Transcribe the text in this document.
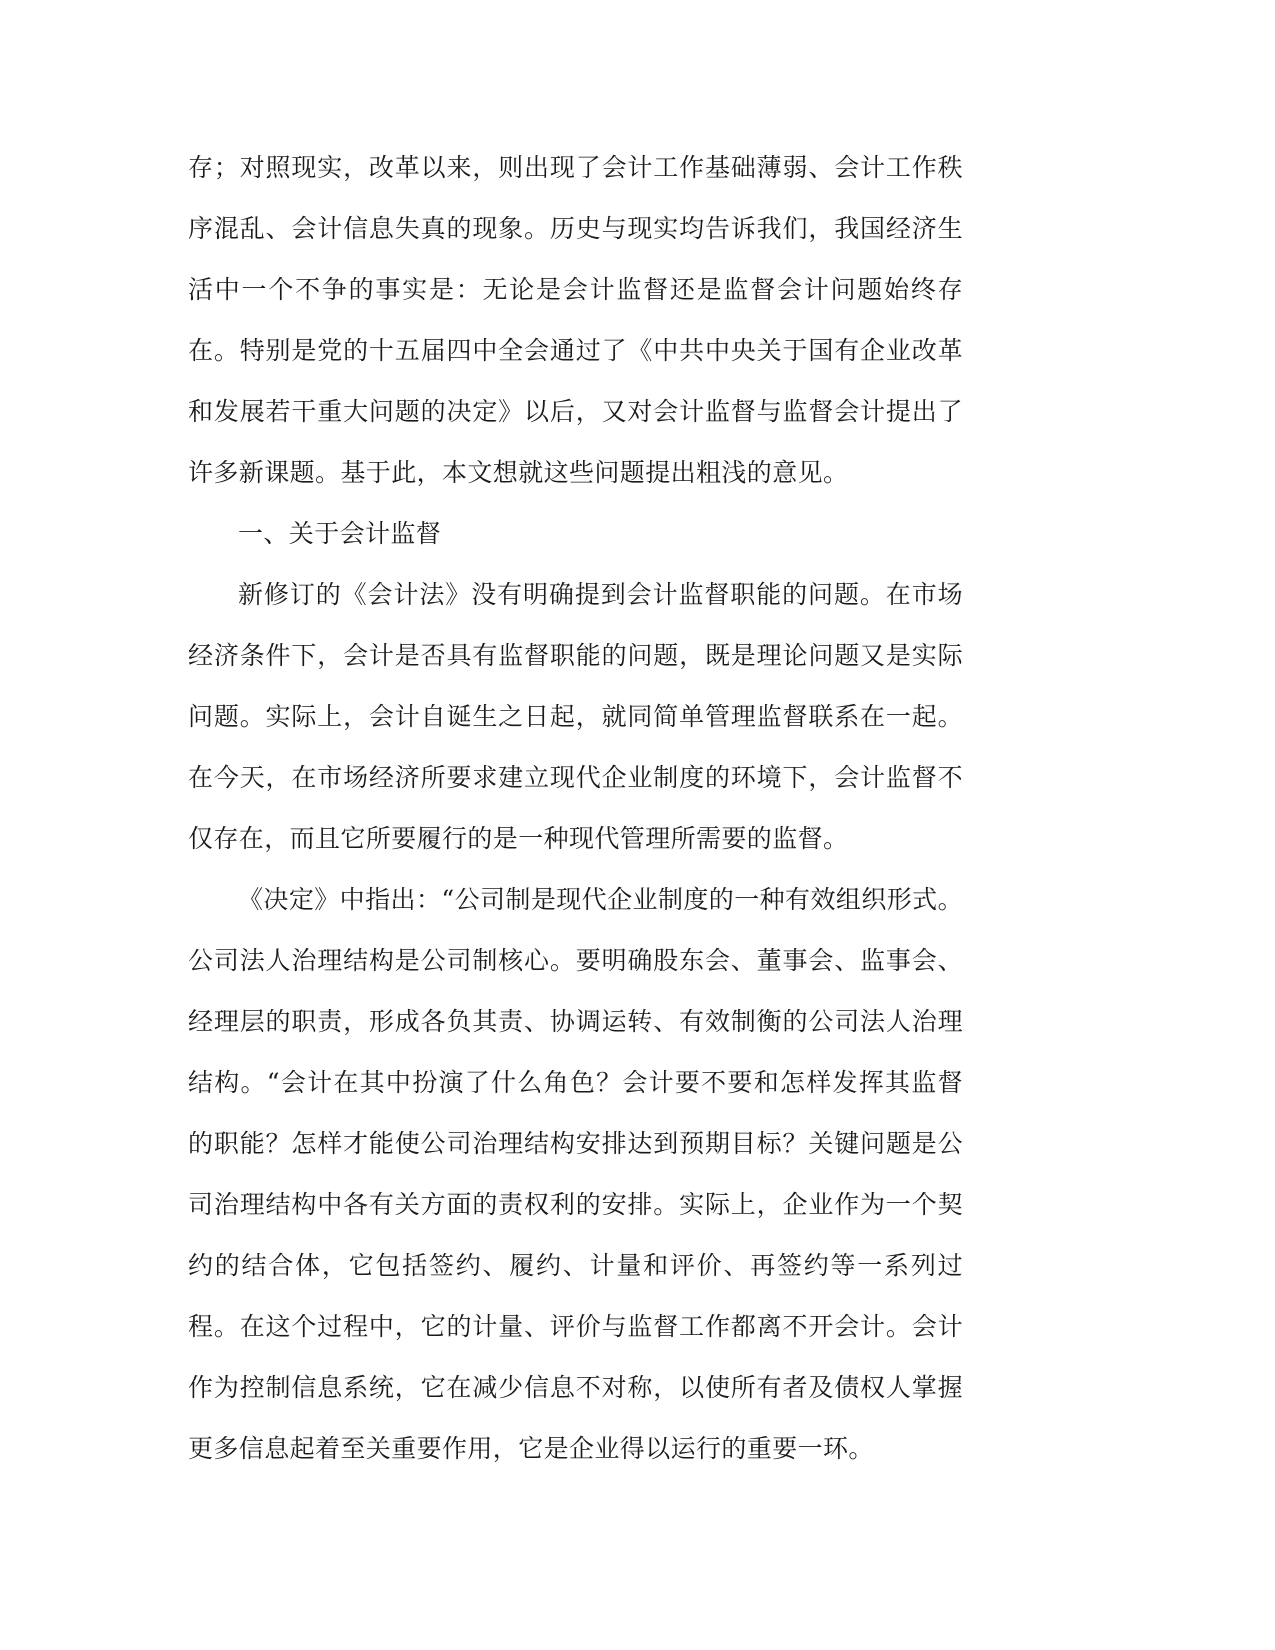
存；对照现实，改革以来，则出现了会计工作基础薄弱、会计工作秩序混乱、会计信息失真的现象。历史与现实均告诉我们，我国经济生活中一个不争的事实是：无论是会计监督还是监督会计问题始终存在。特别是党的十五届四中全会通过了《中共中央关于国有企业改革和发展若干重大问题的决定》以后，又对会计监督与监督会计提出了许多新课题。基于此，本文想就这些问题提出粗浅的意见。

一、关于会计监督

新修订的《会计法》没有明确提到会计监督职能的问题。在市场经济条件下，会计是否具有监督职能的问题，既是理论问题又是实际问题。实际上，会计自诞生之日起，就同简单管理监督联系在一起。在今天，在市场经济所要求建立现代企业制度的环境下，会计监督不仅存在，而且它所要履行的是一种现代管理所需要的监督。

《决定》中指出：“公司制是现代企业制度的一种有效组织形式。公司法人治理结构是公司制核心。要明确股东会、董事会、监事会、经理层的职责，形成各负其责、协调运转、有效制衡的公司法人治理结构。“会计在其中扮演了什么角色？会计要不要和怎样发挥其监督的职能？怎样才能使公司治理结构安排达到预期目标？关键问题是公司治理结构中各有关方面的责权利的安排。实际上，企业作为一个契约的结合体，它包括签约、履约、计量和评价、再签约等一系列过程。在这个过程中，它的计量、评价与监督工作都离不开会计。会计作为控制信息系统，它在减少信息不对称，以使所有者及债权人掌握更多信息起着至关重要作用，它是企业得以运行的重要一环。
